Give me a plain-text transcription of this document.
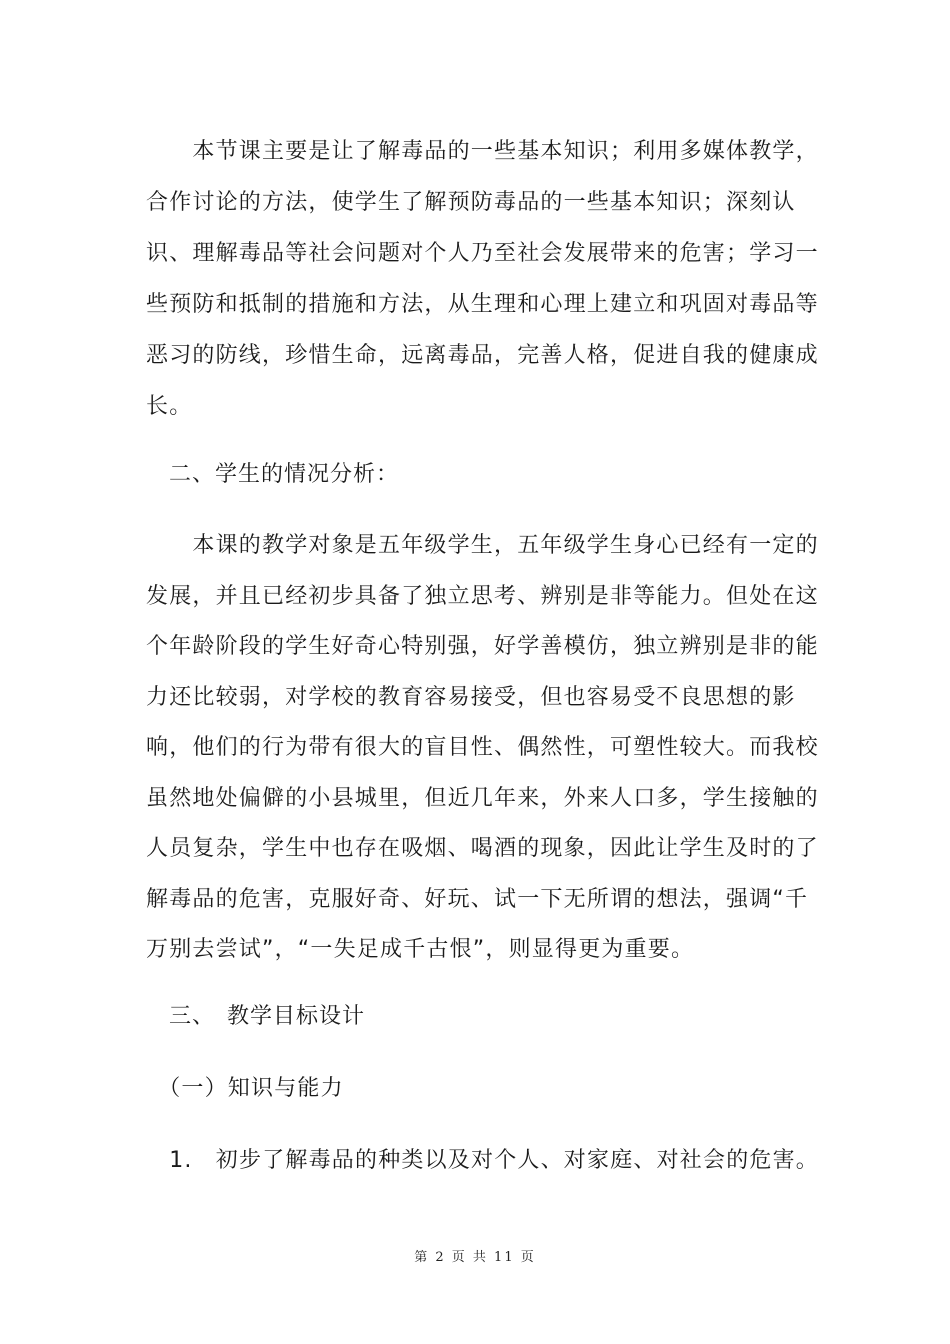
　　本节课主要是让了解毒品的一些基本知识；利用多媒体教学，
合作讨论的方法，使学生了解预防毒品的一些基本知识；深刻认
识、理解毒品等社会问题对个人乃至社会发展带来的危害；学习一
些预防和抵制的措施和方法，从生理和心理上建立和巩固对毒品等
恶习的防线，珍惜生命，远离毒品，完善人格，促进自我的健康成
长。
　二、学生的情况分析：
　　本课的教学对象是五年级学生，五年级学生身心已经有一定的
发展，并且已经初步具备了独立思考、辨别是非等能力。但处在这
个年龄阶段的学生好奇心特别强，好学善模仿，独立辨别是非的能
力还比较弱，对学校的教育容易接受，但也容易受不良思想的影
响，他们的行为带有很大的盲目性、偶然性，可塑性较大。而我校
虽然地处偏僻的小县城里，但近几年来，外来人口多，学生接触的
人员复杂，学生中也存在吸烟、喝酒的现象，因此让学生及时的了
解毒品的危害，克服好奇、好玩、试一下无所谓的想法，强调“千
万别去尝试”，“一失足成千古恨”，则显得更为重要。
　三、　教学目标设计
　（一）知识与能力
　1.　初步了解毒品的种类以及对个人、对家庭、对社会的危害。
第 2 页 共 11 页
